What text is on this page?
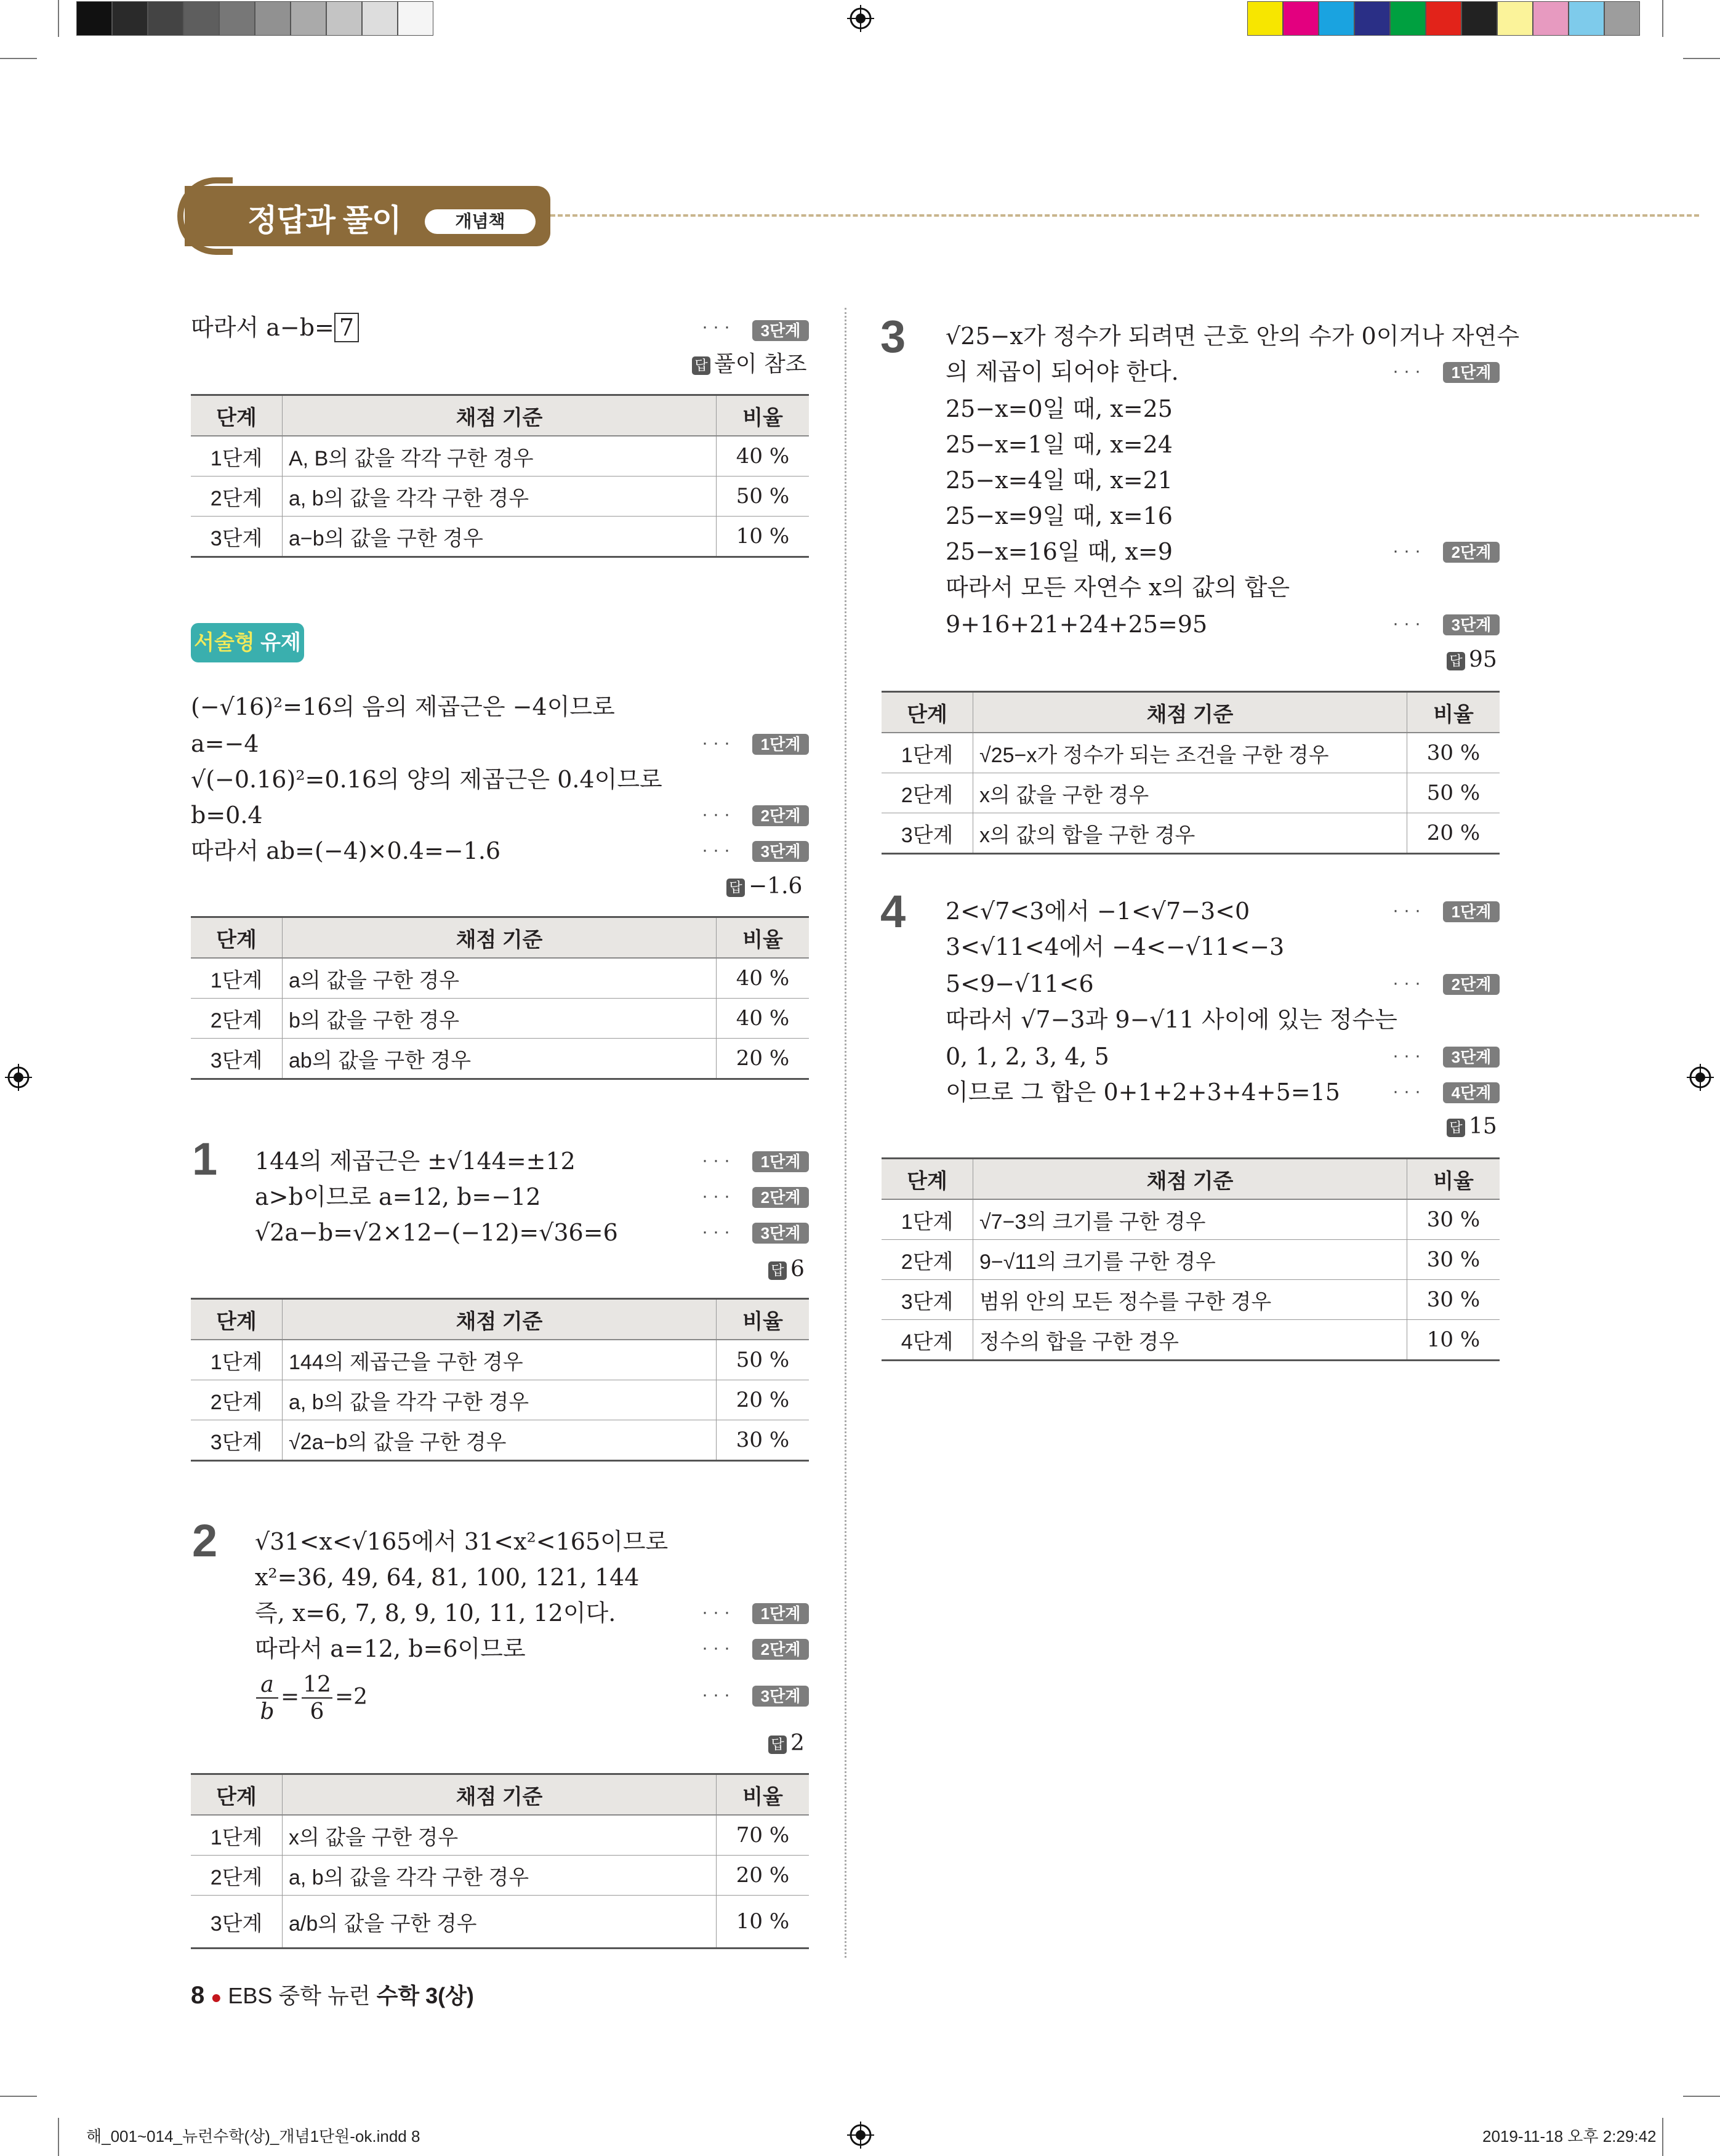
정답과 풀이	개념책
따라서 a−b= 7	···	3단계
답 풀이 참조
단계	채점 기준	비율
1단계	A, B의 값을 각각 구한 경우	40 %
2단계	a, b의 값을 각각 구한 경우	50 %
3단계	a−b의 값을 구한 경우	10 %
서술형 유제
(−√16)²=16의 음의 제곱근은 −4이므로
a=−4	···	1단계
√(−0.16)²=0.16의 양의 제곱근은 0.4이므로
b=0.4	···	2단계
따라서 ab=(−4)×0.4=−1.6	···	3단계
답 −1.6
단계	채점 기준	비율
1단계	a의 값을 구한 경우	40 %
2단계	b의 값을 구한 경우	40 %
3단계	ab의 값을 구한 경우	20 %
1 144의 제곱근은 ±√144=±12	···	1단계
a>b이므로 a=12, b=−12	···	2단계
√2a−b=√2×12−(−12)=√36=6	···	3단계
답 6
단계	채점 기준	비율
1단계	144의 제곱근을 구한 경우	50 %
2단계	a, b의 값을 각각 구한 경우	20 %
3단계	√2a−b의 값을 구한 경우	30 %
2 √31<x<√165에서 31<x²<165이므로
x²=36, 49, 64, 81, 100, 121, 144
즉, x=6, 7, 8, 9, 10, 11, 12이다.	···	1단계
따라서 a=12, b=6이므로	···	2단계
a
b
= 12
6
=2	···	3단계
답 2
단계	채점 기준	비율
1단계	x의 값을 구한 경우	70 %
2단계	a, b의 값을 각각 구한 경우	20 %
3단계	a/b의 값을 구한 경우	10 %
3 √25−x가 정수가 되려면 근호 안의 수가 0이거나 자연수
의 제곱이 되어야 한다.	···	1단계
25−x=0일 때, x=25
25−x=1일 때, x=24
25−x=4일 때, x=21
25−x=9일 때, x=16
25−x=16일 때, x=9	···	2단계
따라서 모든 자연수 x의 값의 합은
9+16+21+24+25=95	···	3단계
답 95
단계	채점 기준	비율
1단계	√25−x가 정수가 되는 조건을 구한 경우	30 %
2단계	x의 값을 구한 경우	50 %
3단계	x의 값의 합을 구한 경우	20 %
4 2<√7<3에서 −1<√7−3<0	···	1단계
3<√11<4에서 −4<−√11<−3
5<9−√11<6	···	2단계
따라서 √7−3과 9−√11 사이에 있는 정수는
0, 1, 2, 3, 4, 5	···	3단계
이므로 그 합은 0+1+2+3+4+5=15	···	4단계
답 15
단계	채점 기준	비율
1단계	√7−3의 크기를 구한 경우	30 %
2단계	9−√11의 크기를 구한 경우	30 %
3단계	범위 안의 모든 정수를 구한 경우	30 %
4단계	정수의 합을 구한 경우	10 %
8 ● EBS 중학 뉴런 수학 3(상)
해_001~014_뉴런수학(상)_개념1단원-ok.indd 8	2019-11-18 오후 2:29:42
